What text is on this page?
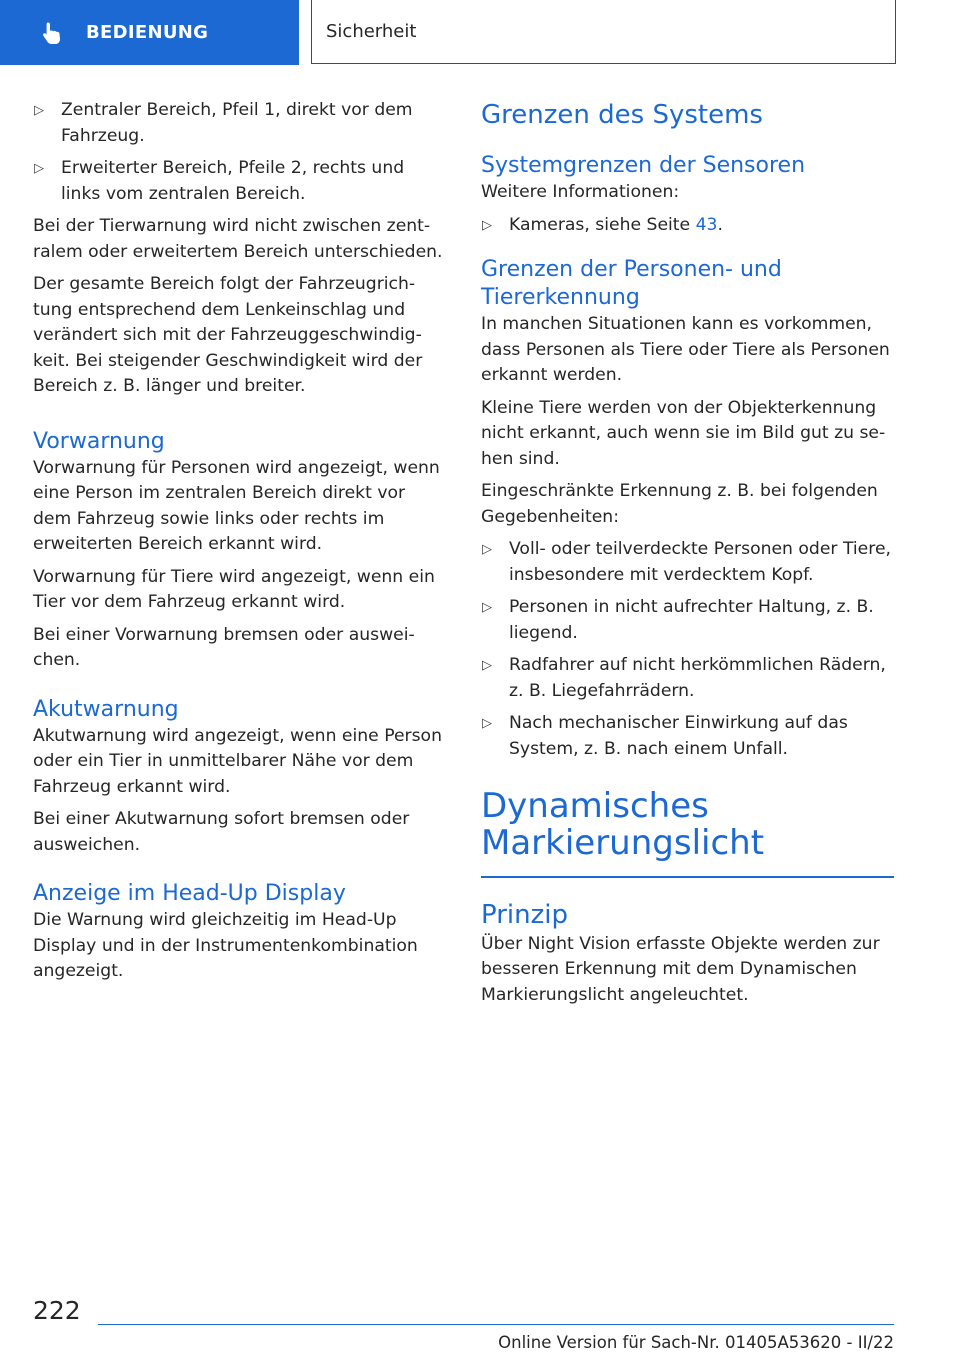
BEDIENUNG	Sicherheit
▷ Zentraler Bereich, Pfeil 1, direkt vor dem Fahrzeug.
▷ Erweiterter Bereich, Pfeile 2, rechts und links vom zentralen Bereich.

Bei der Tierwarnung wird nicht zwischen zentralem oder erweitertem Bereich unterschieden.

Der gesamte Bereich folgt der Fahrzeugrichtung entsprechend dem Lenkeinschlag und verändert sich mit der Fahrzeuggeschwindigkeit. Bei steigender Geschwindigkeit wird der Bereich z. B. länger und breiter.

Vorwarnung

Vorwarnung für Personen wird angezeigt, wenn eine Person im zentralen Bereich direkt vor dem Fahrzeug sowie links oder rechts im erweiterten Bereich erkannt wird.

Vorwarnung für Tiere wird angezeigt, wenn ein Tier vor dem Fahrzeug erkannt wird.

Bei einer Vorwarnung bremsen oder ausweichen.

Akutwarnung

Akutwarnung wird angezeigt, wenn eine Person oder ein Tier in unmittelbarer Nähe vor dem Fahrzeug erkannt wird.

Bei einer Akutwarnung sofort bremsen oder ausweichen.

Anzeige im Head-Up Display

Die Warnung wird gleichzeitig im Head-Up Display und in der Instrumentenkombination angezeigt.

Grenzen des Systems
Systemgrenzen der Sensoren

Weitere Informationen:

▷ Kameras, siehe Seite 43.
Grenzen der Personen- und Tiererkennung

In manchen Situationen kann es vorkommen, dass Personen als Tiere oder Tiere als Personen erkannt werden.

Kleine Tiere werden von der Objekterkennung nicht erkannt, auch wenn sie im Bild gut zu sehen sind.

Eingeschränkte Erkennung z. B. bei folgenden Gegebenheiten:

▷ Voll- oder teilverdeckte Personen oder Tiere, insbesondere mit verdecktem Kopf.
▷ Personen in nicht aufrechter Haltung, z. B. liegend.
▷ Radfahrer auf nicht herkömmlichen Rädern, z. B. Liegefahrrädern.
▷ Nach mechanischer Einwirkung auf das System, z. B. nach einem Unfall.
Dynamisches Markierungslicht
Prinzip

Über Night Vision erfasste Objekte werden zur besseren Erkennung mit dem Dynamischen Markierungslicht angeleuchtet.

222
Online Version für Sach-Nr. 01405A53620 - II/22
